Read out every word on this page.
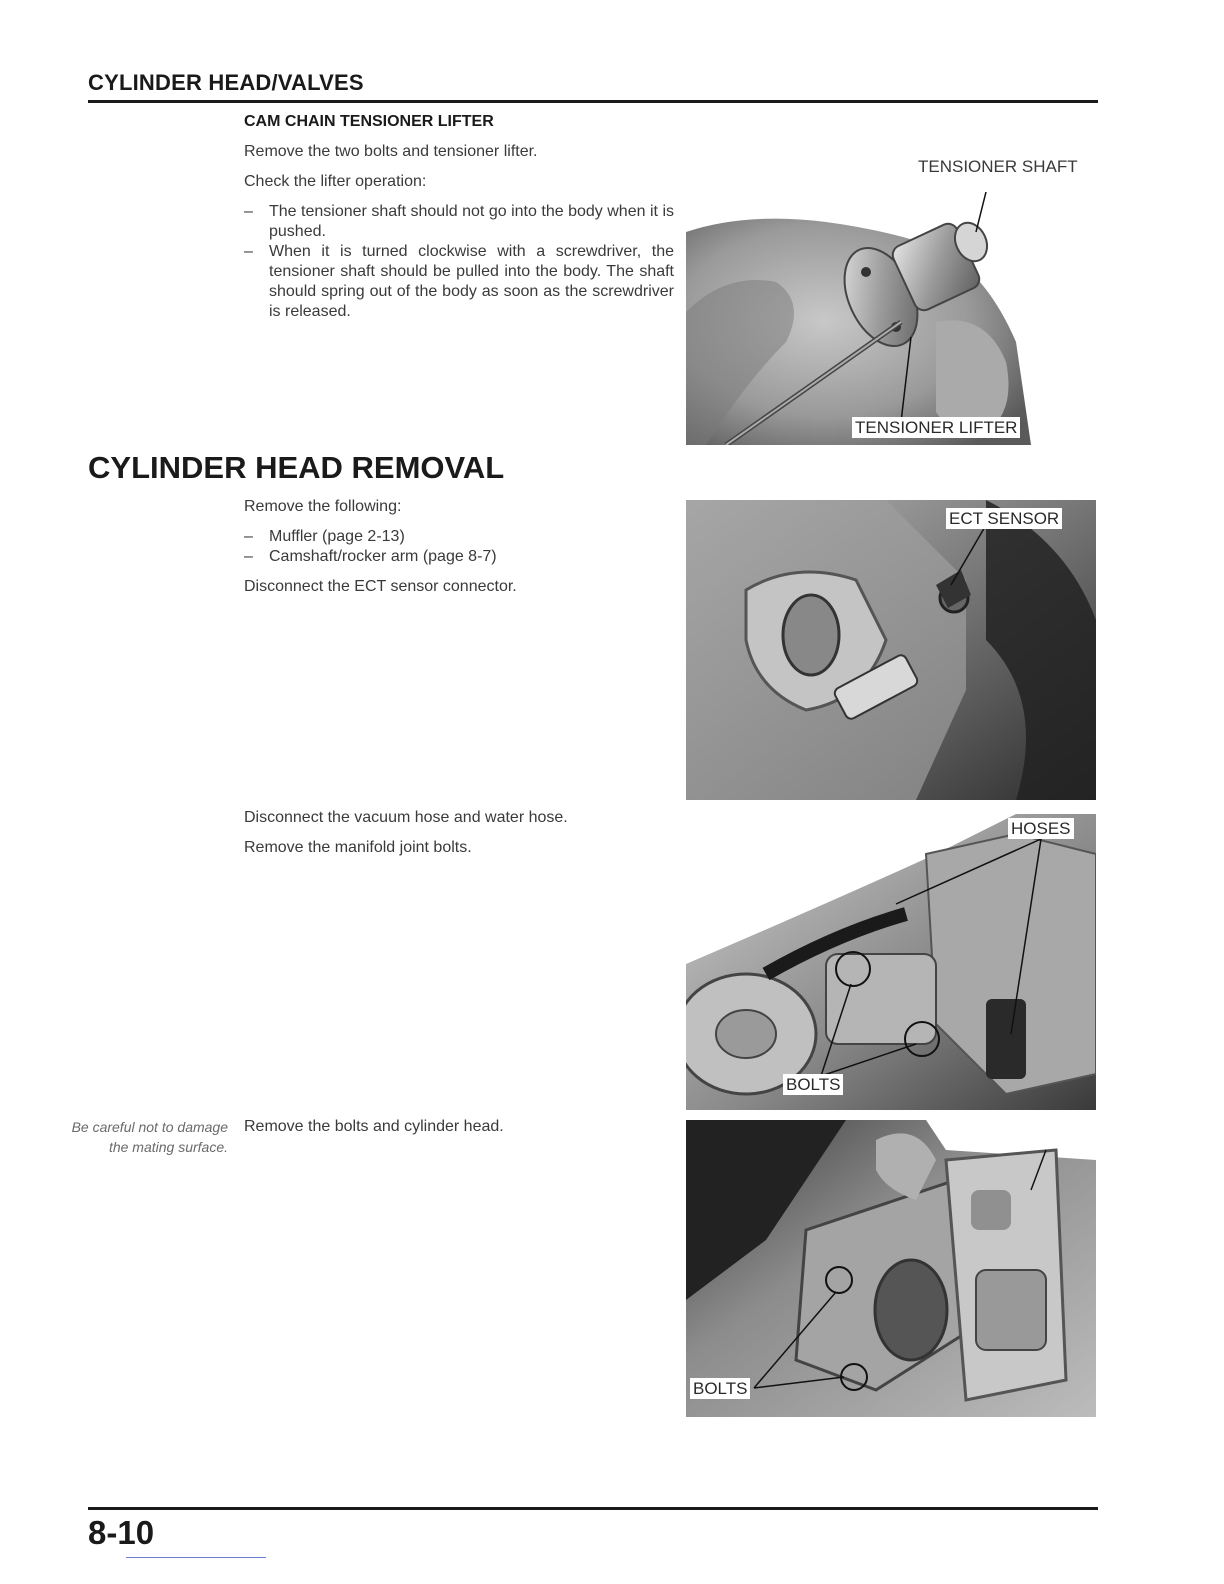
CYLINDER HEAD/VALVES
CAM CHAIN TENSIONER LIFTER
Remove the two bolts and tensioner lifter.
Check the lifter operation:
– The tensioner shaft should not go into the body when it is pushed.
– When it is turned clockwise with a screwdriver, the tensioner shaft should be pulled into the body. The shaft should spring out of the body as soon as the screwdriver is released.
TENSIONER SHAFT
TENSIONER LIFTER
CYLINDER HEAD REMOVAL
Remove the following:
– Muffler (page 2-13)
– Camshaft/rocker arm (page 8-7)
Disconnect the ECT sensor connector.
ECT SENSOR
Disconnect the vacuum hose and water hose.
Remove the manifold joint bolts.
HOSES
BOLTS
Be careful not to damage the mating surface.
Remove the bolts and cylinder head.
BOLTS
8-10
